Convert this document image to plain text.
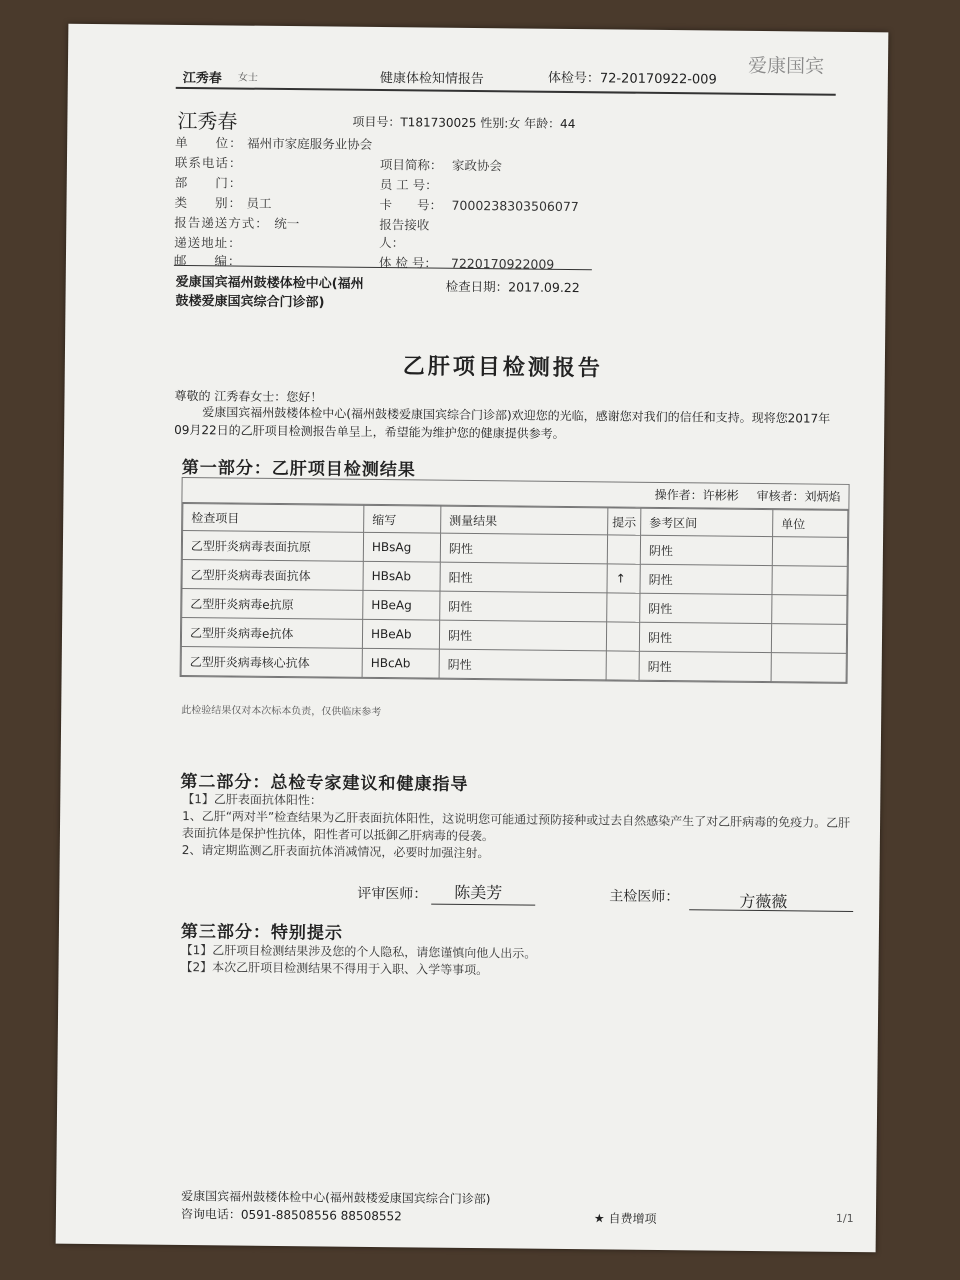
江秀春 女士	健康体检知情报告	体检号：72-20170922-009
爱康国宾
江秀春	项目号：T181730025 性别:女 年龄：44
单　　位： 福州市家庭服务业协会
联系电话：
部　　门：
类　　别： 员工
报告递送方式： 统一
递送地址：
邮　　编：
项目简称： 家政协会
员 工 号：
卡　　号： 7000238303506077
报告接收人：
体 检 号： 7220170922009
爱康国宾福州鼓楼体检中心(福州鼓楼爱康国宾综合门诊部)
检查日期：2017.09.22
乙肝项目检测报告
尊敬的 江秀春女士：您好！
爱康国宾福州鼓楼体检中心(福州鼓楼爱康国宾综合门诊部)欢迎您的光临，感谢您对我们的信任和支持。现将您2017年09月22日的乙肝项目检测报告单呈上，希望能为维护您的健康提供参考。
第一部分：乙肝项目检测结果
操作者：许彬彬 审核者：刘炳焰
检查项目	缩写	测量结果	提示	参考区间	单位
乙型肝炎病毒表面抗原	HBsAg	阴性		阴性	
乙型肝炎病毒表面抗体	HBsAb	阳性	↑	阴性	
乙型肝炎病毒e抗原	HBeAg	阴性		阴性	
乙型肝炎病毒e抗体	HBeAb	阴性		阴性	
乙型肝炎病毒核心抗体	HBcAb	阴性		阴性	
此检验结果仅对本次标本负责，仅供临床参考
第二部分：总检专家建议和健康指导
【1】乙肝表面抗体阳性：
1、乙肝“两对半”检查结果为乙肝表面抗体阳性，这说明您可能通过预防接种或过去自然感染产生了对乙肝病毒的免疫力。乙肝表面抗体是保护性抗体，阳性者可以抵御乙肝病毒的侵袭。
2、请定期监测乙肝表面抗体消减情况，必要时加强注射。
评审医师： 陈美芳	主检医师：	方薇薇
第三部分：特别提示
【1】乙肝项目检测结果涉及您的个人隐私，请您谨慎向他人出示。
【2】本次乙肝项目检测结果不得用于入职、入学等事项。
爱康国宾福州鼓楼体检中心(福州鼓楼爱康国宾综合门诊部)
咨询电话：0591-88508556 88508552	★ 自费增项	1/1
